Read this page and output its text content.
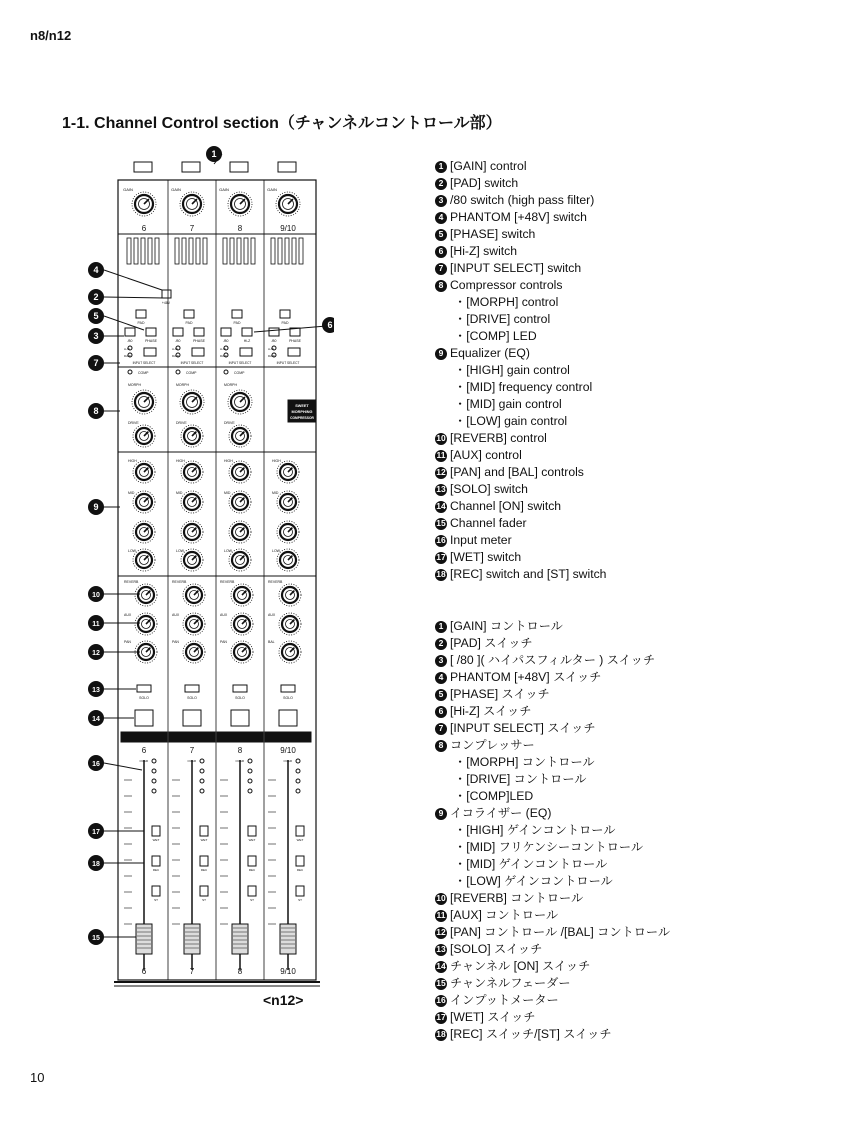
n8/n12
1-1. Channel Control section（チャンネルコントロール部）
GAIN
6
GAIN
7
GAIN
8
GAIN
9/10
+48V
PAD
/80	PHASE
A-IN
DAW
INPUT SELECT
PAD
/80	PHASE
A-IN
DAW
INPUT SELECT
PAD
/80	Hi-Z
A-IN
DAW
INPUT SELECT
PAD
/80	PHASE
A-IN
DAW
INPUT SELECT
COMP
MORPH
DRIVE
COMP
MORPH
DRIVE
COMP
MORPH
DRIVE
SWEET
MORPHING
COMPRESSOR
HIGH
MID
LOW
HIGH
MID
LOW
HIGH
MID
LOW
HIGH
MID
LOW
REVERB
AUX
PAN
SOLO
6
REVERB
AUX
PAN
SOLO
7
REVERB
AUX
PAN
SOLO
8
REVERB
AUX
BAL
SOLO
9/10
OVER
WET
REC
ST
6
OVER
WET
REC
ST
7
OVER
WET
REC
ST
8
OVER
WET
REC
ST
9/10
1
4
2
5
3
6
7
8
9
10
11
12
13
14
16
17
18
15
<n12>
1 [GAIN] control
2 [PAD] switch
3 /80 switch (high pass filter)
4 PHANTOM [+48V] switch
5 [PHASE] switch
6 [Hi-Z] switch
7 [INPUT SELECT] switch
8 Compressor controls
・ [MORPH] control
・ [DRIVE] control
・ [COMP] LED
9 Equalizer (EQ)
・ [HIGH] gain control
・ [MID] frequency control
・ [MID] gain control
・ [LOW] gain control
10 [REVERB] control
11 [AUX] control
12 [PAN] and [BAL] controls
13 [SOLO] switch
14 Channel [ON] switch
15 Channel fader
16 Input meter
17 [WET] switch
18 [REC] switch and [ST] switch
1 [GAIN] コントロール
2 [PAD] スイッチ
3 [ /80 ]( ハイパスフィルター ) スイッチ
4 PHANTOM [+48V] スイッチ
5 [PHASE] スイッチ
6 [Hi-Z] スイッチ
7 [INPUT SELECT] スイッチ
8 コンプレッサー
・ [MORPH] コントロール
・ [DRIVE] コントロール
・ [COMP]LED
9 イコライザー (EQ)
・ [HIGH] ゲインコントロール
・ [MID] フリケンシーコントロール
・ [MID] ゲインコントロール
・ [LOW] ゲインコントロール
10 [REVERB] コントロール
11 [AUX] コントロール
12 [PAN] コントロール /[BAL] コントロール
13 [SOLO] スイッチ
14 チャンネル [ON] スイッチ
15 チャンネルフェーダー
16 インプットメーター
17 [WET] スイッチ
18 [REC] スイッチ/[ST] スイッチ
10
